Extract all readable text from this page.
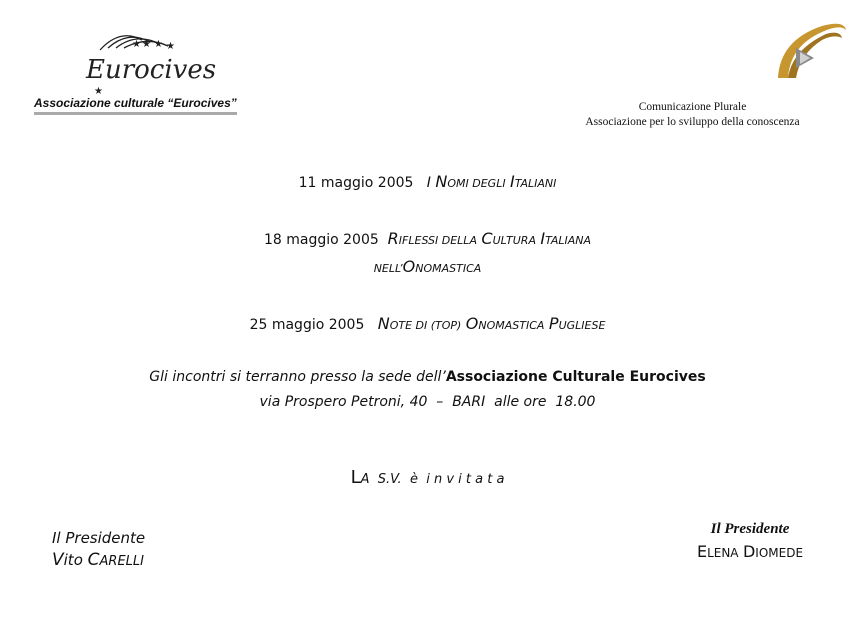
★ ★ ★ ★
★
Eurocives
Associazione culturale “Eurocives”	Comunicazione Plurale
Associazione per lo sviluppo della conoscenza
11 maggio 2005 I NOMI DEGLI ITALIANI
18 maggio 2005 RIFLESSI DELLA CULTURA ITALIANA
NELL’ONOMASTICA
25 maggio 2005 NOTE DI (TOP) ONOMASTICA PUGLIESE
Gli incontri si terranno presso la sede dell’Associazione Culturale Eurocives
via Prospero Petroni, 40  –  BARI  alle ore  18.00
LA  S.V.  è  i n v i t a t a
Il Presidente
Vito CARELLI
Il Presidente
ELENA DIOMEDE
